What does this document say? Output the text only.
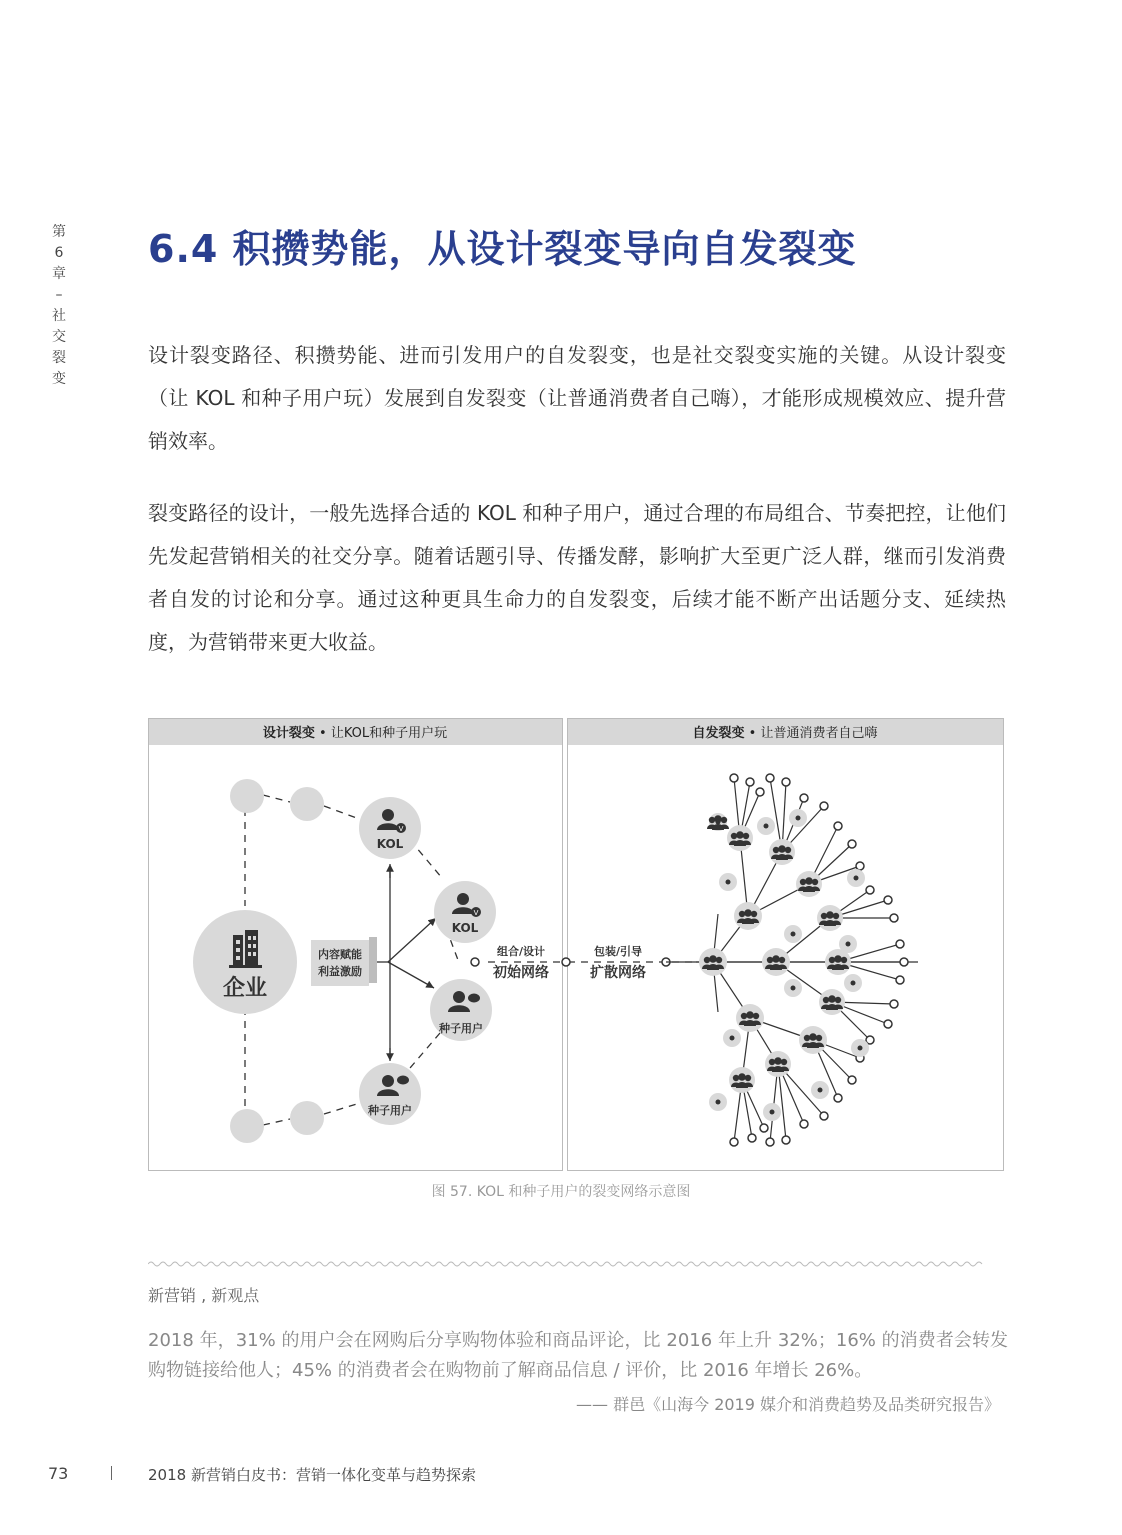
第
6
章
–
社
交
裂
变
6.4 积攒势能，从设计裂变导向自发裂变

设计裂变路径、积攒势能、进而引发用户的自发裂变，也是社交裂变实施的关键。从设计裂变（让 KOL 和种子用户玩）发展到自发裂变（让普通消费者自己嗨），才能形成规模效应、提升营销效率。

裂变路径的设计，一般先选择合适的 KOL 和种子用户，通过合理的布局组合、节奏把控，让他们先发起营销相关的社交分享。随着话题引导、传播发酵，影响扩大至更广泛人群，继而引发消费者自发的讨论和分享。通过这种更具生命力的自发裂变，后续才能不断产出话题分支、延续热度，为营销带来更大收益。

设计裂变 • 让KOL和种子用户玩	自发裂变 • 让普通消费者自己嗨
企业
内容赋能
利益激励
V
KOL
V
KOL
种子用户
种子用户
组合/设计
初始网络
包装/引导
扩散网络
图 57. KOL 和种子用户的裂变网络示意图
新营销 , 新观点

2018 年，31% 的用户会在网购后分享购物体验和商品评论，比 2016 年上升 32%；16% 的消费者会转发购物链接给他人；45% 的消费者会在购物前了解商品信息 / 评价，比 2016 年增长 26%。

—— 群邑《山海今 2019 媒介和消费趋势及品类研究报告》
73	2018 新营销白皮书：营销一体化变革与趋势探索
